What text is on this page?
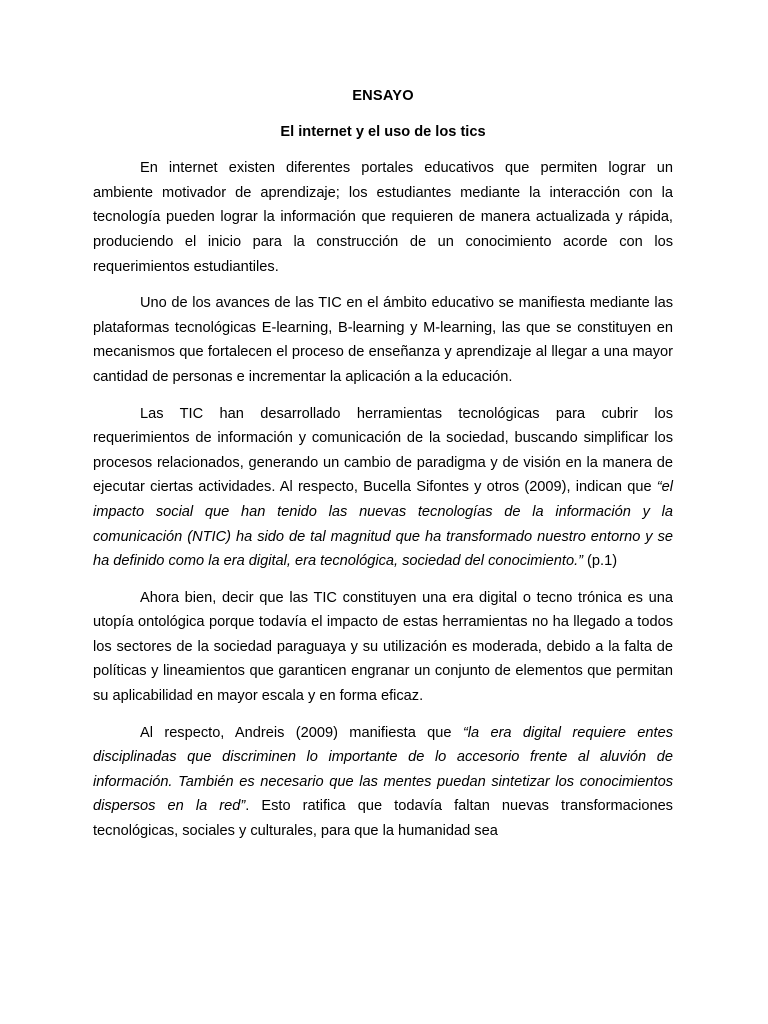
ENSAYO
El internet y el uso de los tics

En internet existen diferentes portales educativos que permiten lograr un ambiente motivador de aprendizaje; los estudiantes mediante la interacción con la tecnología pueden lograr la información que requieren de manera actualizada y rápida, produciendo el inicio para la construcción de un conocimiento acorde con los requerimientos estudiantiles.

Uno de los avances de las TIC en el ámbito educativo se manifiesta mediante las plataformas tecnológicas E-learning, B-learning y M-learning, las que se constituyen en mecanismos que fortalecen el proceso de enseñanza y aprendizaje al llegar a una mayor cantidad de personas e incrementar la aplicación a la educación.

Las TIC han desarrollado herramientas tecnológicas para cubrir los requerimientos de información y comunicación de la sociedad, buscando simplificar los procesos relacionados, generando un cambio de paradigma y de visión en la manera de ejecutar ciertas actividades. Al respecto, Bucella Sifontes y otros (2009), indican que “el impacto social que han tenido las nuevas tecnologías de la información y la comunicación (NTIC) ha sido de tal magnitud que ha transformado nuestro entorno y se ha definido como la era digital, era tecnológica, sociedad del conocimiento.” (p.1)

Ahora bien, decir que las TIC constituyen una era digital o tecno trónica es una utopía ontológica porque todavía el impacto de estas herramientas no ha llegado a todos los sectores de la sociedad paraguaya y su utilización es moderada, debido a la falta de políticas y lineamientos que garanticen engranar un conjunto de elementos que permitan su aplicabilidad en mayor escala y en forma eficaz.

Al respecto, Andreis (2009) manifiesta que “la era digital requiere entes disciplinadas que discriminen lo importante de lo accesorio frente al aluvión de información. También es necesario que las mentes puedan sintetizar los conocimientos dispersos en la red”. Esto ratifica que todavía faltan nuevas transformaciones tecnológicas, sociales y culturales, para que la humanidad sea
